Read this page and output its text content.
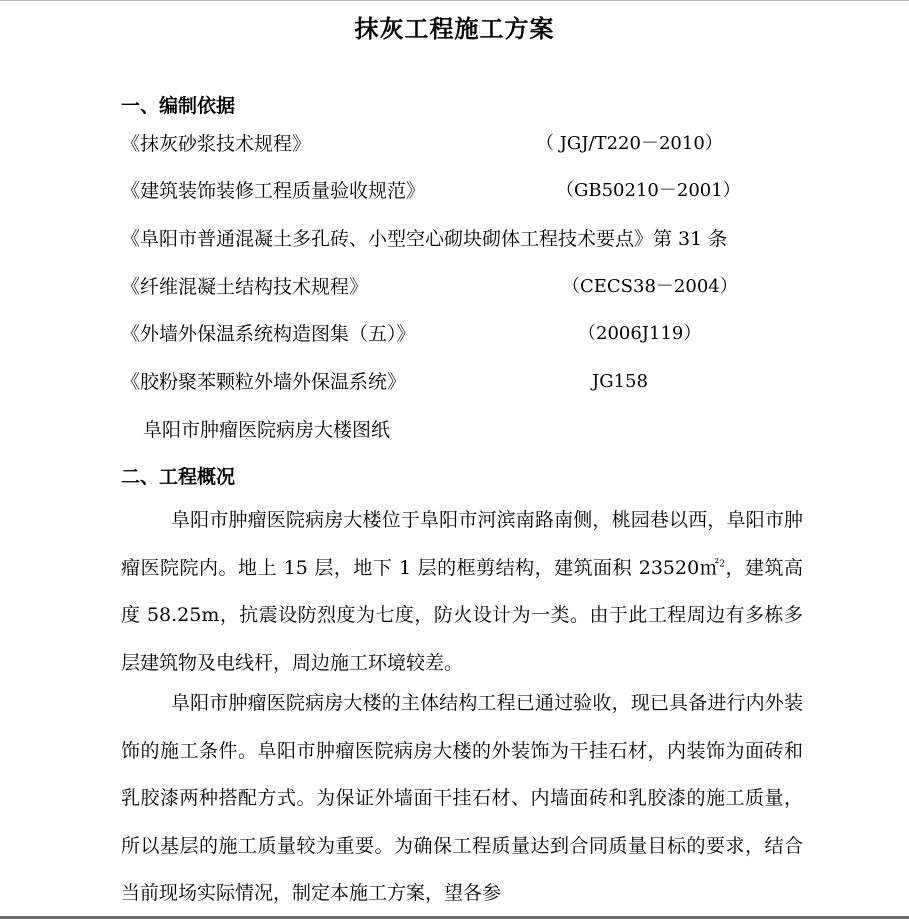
抹灰工程施工方案
一、编制依据
《抹灰砂浆技术规程》	（ JGJ/T220－2010）
《建筑装饰装修工程质量验收规范》	（GB50210－2001）
《阜阳市普通混凝土多孔砖、小型空心砌块砌体工程技术要点》第 31 条
《纤维混凝土结构技术规程》	（CECS38－2004）
《外墙外保温系统构造图集（五）》	（2006J119）
《胶粉聚苯颗粒外墙外保温系统》	JG158
阜阳市肿瘤医院病房大楼图纸
二、工程概况

阜阳市肿瘤医院病房大楼位于阜阳市河滨南路南侧，桃园巷以西，阜阳市肿瘤医院院内。地上 15 层，地下 1 层的框剪结构，建筑面积 23520㎡$^2$，建筑高度 58.25m，抗震设防烈度为七度，防火设计为一类。由于此工程周边有多栋多层建筑物及电线杆，周边施工环境较差。

阜阳市肿瘤医院病房大楼的主体结构工程已通过验收，现已具备进行内外装饰的施工条件。阜阳市肿瘤医院病房大楼的外装饰为干挂石材，内装饰为面砖和乳胶漆两种搭配方式。为保证外墙面干挂石材、内墙面砖和乳胶漆的施工质量，所以基层的施工质量较为重要。为确保工程质量达到合同质量目标的要求，结合当前现场实际情况，制定本施工方案，望各参
